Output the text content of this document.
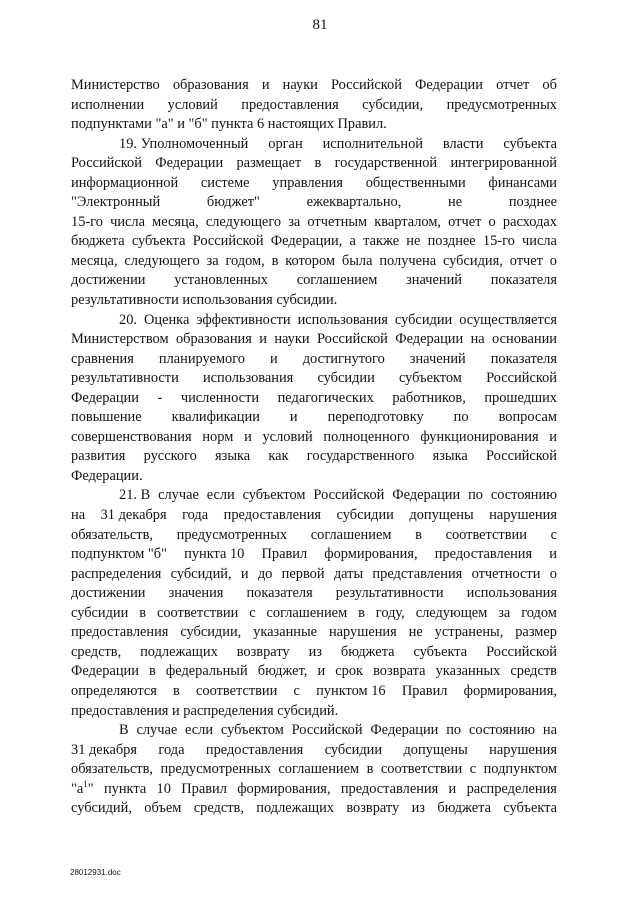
81
Министерство образования и науки Российской Федерации отчет об
исполнении условий предоставления субсидии, предусмотренных
подпунктами "а" и "б" пункта 6 настоящих Правил.
19. Уполномоченный орган исполнительной власти субъекта
Российской Федерации размещает в государственной интегрированной
информационной системе управления общественными финансами
"Электронный	бюджет"	ежеквартально,	не	позднее
15-го числа месяца, следующего за отчетным кварталом, отчет о расходах
бюджета субъекта Российской Федерации, а также не позднее 15-го числа
месяца, следующего за годом, в котором была получена субсидия, отчет о
достижении установленных соглашением значений показателя
результативности использования субсидии.
20. Оценка эффективности использования субсидии осуществляется
Министерством образования и науки Российской Федерации на основании
сравнения планируемого и достигнутого значений показателя
результативности использования субсидии субъектом Российской
Федерации - численности педагогических работников, прошедших
повышение квалификации и переподготовку по вопросам
совершенствования норм и условий полноценного функционирования и
развития русского языка как государственного языка Российской
Федерации.
21. В случае если субъектом Российской Федерации по состоянию
на 31 декабря года предоставления субсидии допущены нарушения
обязательств, предусмотренных соглашением в соответствии с
подпунктом "б" пункта 10 Правил формирования, предоставления и
распределения субсидий, и до первой даты представления отчетности о
достижении значения показателя результативности использования
субсидии в соответствии с соглашением в году, следующем за годом
предоставления субсидии, указанные нарушения не устранены, размер
средств, подлежащих возврату из бюджета субъекта Российской
Федерации в федеральный бюджет, и срок возврата указанных средств
определяются в соответствии с пунктом 16 Правил формирования,
предоставления и распределения субсидий.
В случае если субъектом Российской Федерации по состоянию на
31 декабря года предоставления субсидии допущены нарушения
обязательств, предусмотренных соглашением в соответствии с подпунктом
"$а^1$" пункта 10 Правил формирования, предоставления и распределения
субсидий, объем средств, подлежащих возврату из бюджета субъекта
28012931.doc
